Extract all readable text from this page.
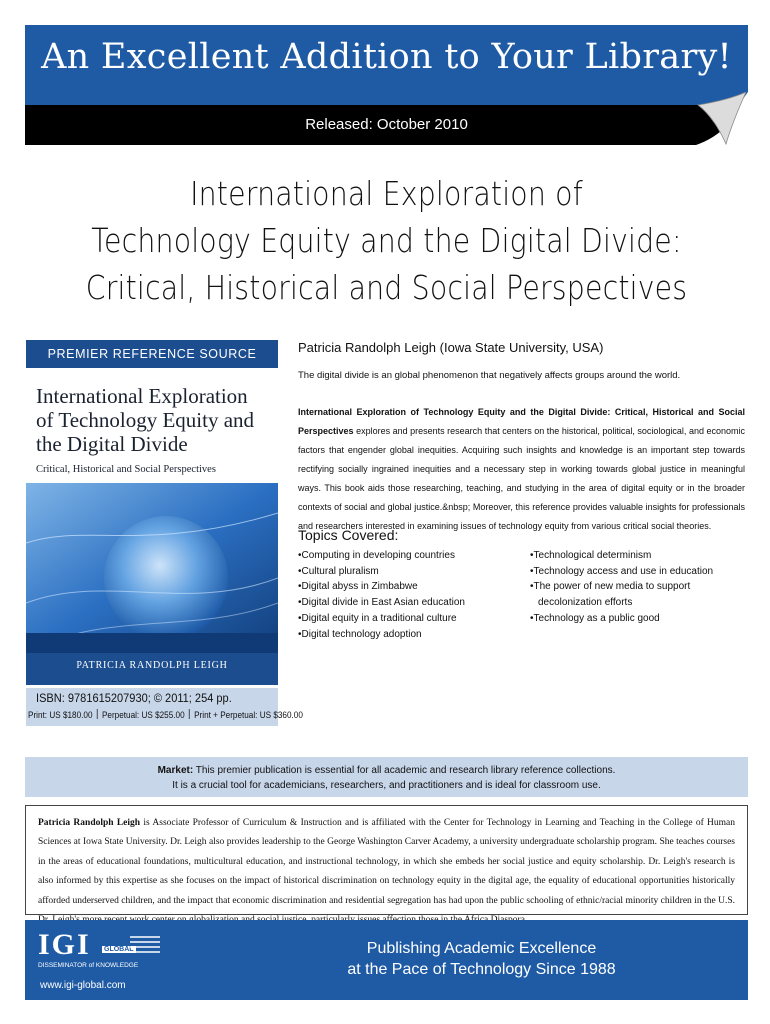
An Excellent Addition to Your Library!
Released: October 2010
International Exploration of
Technology Equity and the Digital Divide:
Critical, Historical and Social Perspectives
PREMIER REFERENCE SOURCE
International Exploration of Technology Equity and the Digital Divide
Critical, Historical and Social Perspectives
PATRICIA RANDOLPH LEIGH
ISBN: 9781615207930; © 2011; 254 pp.
Print: US $180.00 Perpetual: US $255.00 Print + Perpetual: US $360.00
Patricia Randolph Leigh (Iowa State University, USA)
The digital divide is an global phenomenon that negatively affects groups around the world.
International Exploration of Technology Equity and the Digital Divide: Critical, Historical and Social Perspectives explores and presents research that centers on the historical, political, sociological, and economic factors that engender global inequities. Acquiring such insights and knowledge is an important step towards rectifying socially ingrained inequities and a necessary step in working towards global justice in meaningful ways. This book aids those researching, teaching, and studying in the area of digital equity or in the broader contexts of social and global justice.&nbsp; Moreover, this reference provides valuable insights for professionals and researchers interested in examining issues of technology equity from various critical social theories.
Topics Covered:
• Computing in developing countries
• Cultural pluralism
• Digital abyss in Zimbabwe
• Digital divide in East Asian education
• Digital equity in a traditional culture
• Digital technology adoption
• Technological determinism
• Technology access and use in education
• The power of new media to support
decolonization efforts
• Technology as a public good

Market: This premier publication is essential for all academic and research library reference collections.

It is a crucial tool for academicians, researchers, and practitioners and is ideal for classroom use.

Patricia Randolph Leigh is Associate Professor of Curriculum & Instruction and is affiliated with the Center for Technology in Learning and Teaching in the College of Human Sciences at Iowa State University. Dr. Leigh also provides leadership to the George Washington Carver Academy, a university undergraduate scholarship program. She teaches courses in the areas of educational foundations, multicultural education, and instructional technology, in which she embeds her social justice and equity scholarship. Dr. Leigh's research is also informed by this expertise as she focuses on the impact of historical discrimination on technology equity in the digital age, the equality of educational opportunities historically afforded underserved children, and the impact that economic discrimination and residential segregation has had upon the public schooling of ethnic/racial minority children in the U.S.

IGI GLOBAL
DISSEMINATOR of KNOWLEDGE
www.igi-global.com
Publishing Academic Excellence
at the Pace of Technology Since 1988
